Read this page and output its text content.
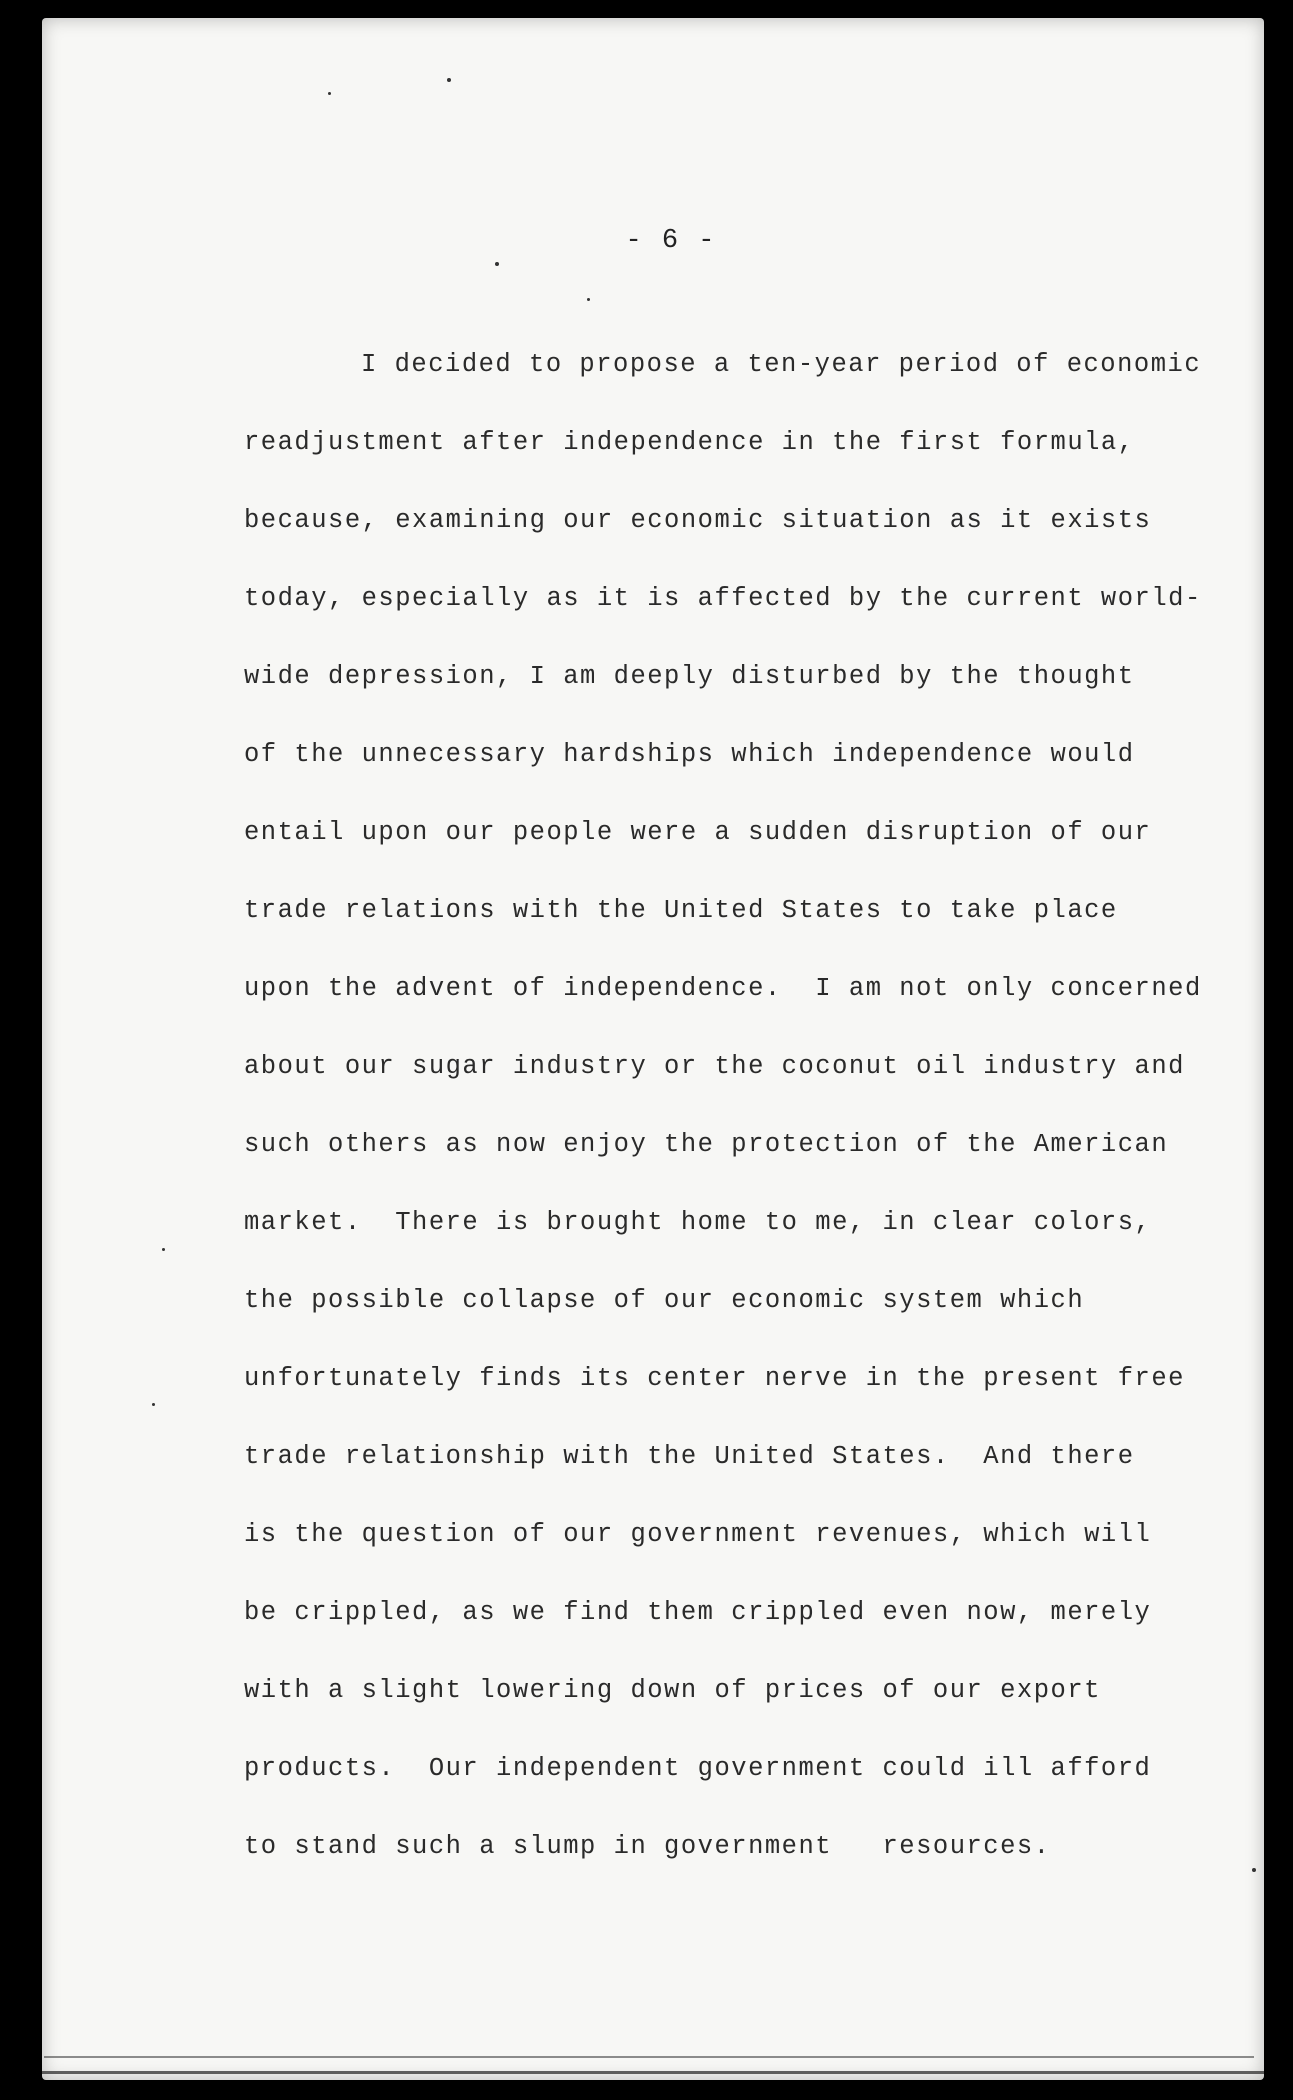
- 6 -
I decided to propose a ten-year period of economic
readjustment after independence in the first formula,
because, examining our economic situation as it exists
today, especially as it is affected by the current world-
wide depression, I am deeply disturbed by the thought
of the unnecessary hardships which independence would
entail upon our people were a sudden disruption of our
trade relations with the United States to take place
upon the advent of independence.  I am not only concerned
about our sugar industry or the coconut oil industry and
such others as now enjoy the protection of the American
market.  There is brought home to me, in clear colors,
the possible collapse of our economic system which
unfortunately finds its center nerve in the present free
trade relationship with the United States.  And there
is the question of our government revenues, which will
be crippled, as we find them crippled even now, merely
with a slight lowering down of prices of our export
products.  Our independent government could ill afford
to stand such a slump in government   resources.
